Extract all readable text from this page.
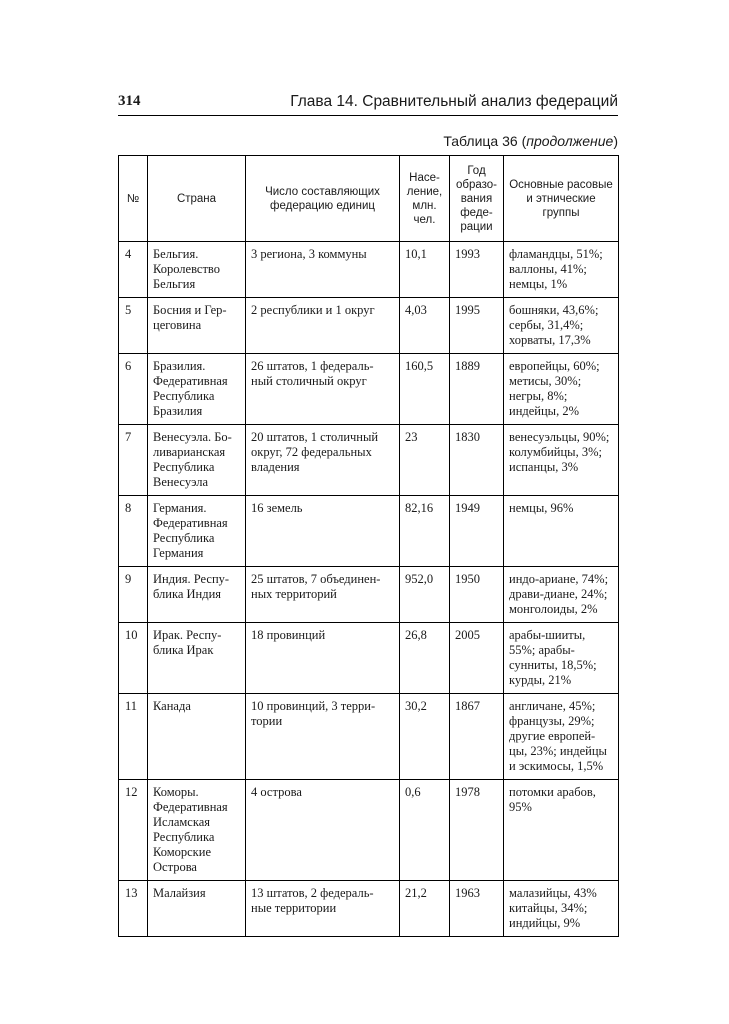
314	Глава 14. Сравнительный анализ федераций
Таблица 36 (продолжение)
№	Страна	Число составляющих федерацию единиц	Насе-ление, млн. чел.	Год образо-вания феде-рации	Основные расовые и этнические группы
4	Бельгия. Королевство Бельгия	3 региона, 3 коммуны	10,1	1993	фламандцы, 51%; валлоны, 41%; немцы, 1%
5	Босния и Гер-цеговина	2 республики и 1 округ	4,03	1995	бошняки, 43,6%; сербы, 31,4%; хорваты, 17,3%
6	Бразилия. Федеративная Республика Бразилия	26 штатов, 1 федераль-ный столичный округ	160,5	1889	европейцы, 60%; метисы, 30%; негры, 8%; индейцы, 2%
7	Венесуэла. Бо-ливарианская Республика Венесуэла	20 штатов, 1 столичный округ, 72 федеральных владения	23	1830	венесуэльцы, 90%; колумбийцы, 3%; испанцы, 3%
8	Германия. Федеративная Республика Германия	16 земель	82,16	1949	немцы, 96%
9	Индия. Респу-блика Индия	25 штатов, 7 объединен-ных территорий	952,0	1950	индо-ариане, 74%; драви-диане, 24%; монголоиды, 2%
10	Ирак. Респу-блика Ирак	18 провинций	26,8	2005	арабы-шииты, 55%; арабы-сунниты, 18,5%; курды, 21%
11	Канада	10 провинций, 3 терри-тории	30,2	1867	англичане, 45%; французы, 29%; другие европей-цы, 23%; индейцы и эскимосы, 1,5%
12	Коморы. Федеративная Исламская Республика Коморские Острова	4 острова	0,6	1978	потомки арабов, 95%
13	Малайзия	13 штатов, 2 федераль-ные территории	21,2	1963	малазийцы, 43% китайцы, 34%; индийцы, 9%
